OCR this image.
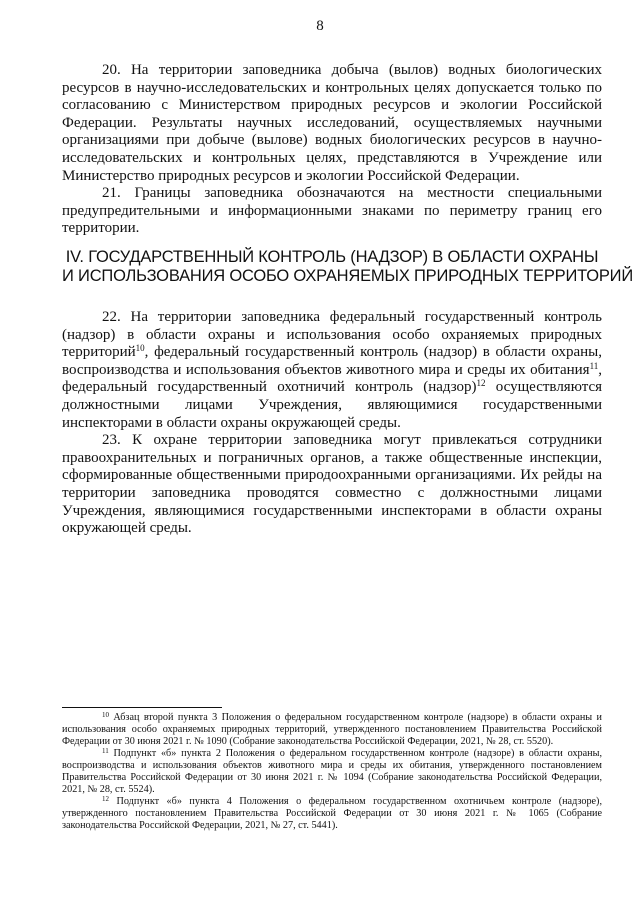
8

20. На территории заповедника добыча (вылов) водных биологических ресурсов в научно-исследовательских и контрольных целях допускается только по согласованию с Министерством природных ресурсов и экологии Российской Федерации. Результаты научных исследований, осуществляемых научными организациями при добыче (вылове) водных биологических ресурсов в научно-исследовательских и контрольных целях, представляются в Учреждение или Министерство природных ресурсов и экологии Российской Федерации.

21. Границы заповедника обозначаются на местности специальными предупредительными и информационными знаками по периметру границ его территории.

IV. ГОСУДАРСТВЕННЫЙ КОНТРОЛЬ (НАДЗОР) В ОБЛАСТИ ОХРАНЫ
И ИСПОЛЬЗОВАНИЯ ОСОБО ОХРАНЯЕМЫХ ПРИРОДНЫХ ТЕРРИТОРИЙ

22. На территории заповедника федеральный государственный контроль (надзор) в области охраны и использования особо охраняемых природных территорий$^{10}$, федеральный государственный контроль (надзор) в области охраны, воспроизводства и использования объектов животного мира и среды их обитания$^{11}$, федеральный государственный охотничий контроль (надзор)$^{12}$ осуществляются должностными лицами Учреждения, являющимися государственными инспекторами в области охраны окружающей среды.

23. К охране территории заповедника могут привлекаться сотрудники правоохранительных и пограничных органов, а также общественные инспекции, сформированные общественными природоохранными организациями. Их рейды на территории заповедника проводятся совместно с должностными лицами Учреждения, являющимися государственными инспекторами в области охраны окружающей среды.

$^{10}$ Абзац второй пункта 3 Положения о федеральном государственном контроле (надзоре) в области охраны и использования особо охраняемых природных территорий, утвержденного постановлением Правительства Российской Федерации от 30 июня 2021 г. № 1090 (Собрание законодательства Российской Федерации, 2021, № 28, ст. 5520).

$^{11}$ Подпункт «б» пункта 2 Положения о федеральном государственном контроле (надзоре) в области охраны, воспроизводства и использования объектов животного мира и среды их обитания, утвержденного постановлением Правительства Российской Федерации от 30 июня 2021 г. № 1094 (Собрание законодательства Российской Федерации, 2021, № 28, ст. 5524).

$^{12}$ Подпункт «б» пункта 4 Положения о федеральном государственном охотничьем контроле (надзоре), утвержденного постановлением Правительства Российской Федерации от 30 июня 2021 г. № 1065 (Собрание законодательства Российской Федерации, 2021, № 27, ст. 5441).
